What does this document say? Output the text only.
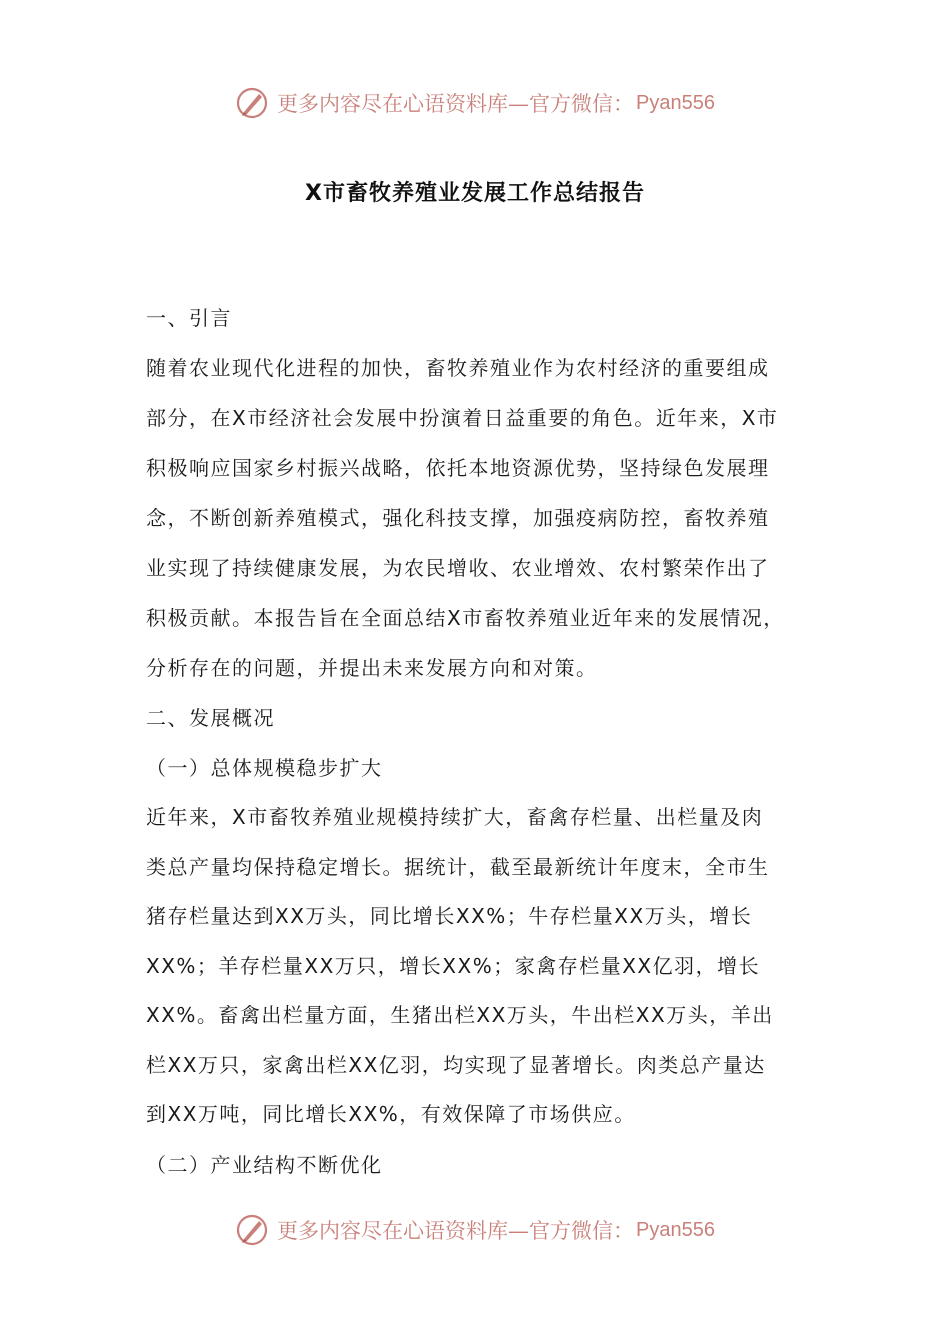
更多内容尽在心语资料库—官方微信： Pyan556
X市畜牧养殖业发展工作总结报告
一、引言
随着农业现代化进程的加快，畜牧养殖业作为农村经济的重要组成
部分，在X市经济社会发展中扮演着日益重要的角色。近年来，X市
积极响应国家乡村振兴战略，依托本地资源优势，坚持绿色发展理
念，不断创新养殖模式，强化科技支撑，加强疫病防控，畜牧养殖
业实现了持续健康发展，为农民增收、农业增效、农村繁荣作出了
积极贡献。本报告旨在全面总结X市畜牧养殖业近年来的发展情况，
分析存在的问题，并提出未来发展方向和对策。
二、发展概况
（一）总体规模稳步扩大
近年来，X市畜牧养殖业规模持续扩大，畜禽存栏量、出栏量及肉
类总产量均保持稳定增长。据统计，截至最新统计年度末，全市生
猪存栏量达到XX万头，同比增长XX%；牛存栏量XX万头，增长
XX%；羊存栏量XX万只，增长XX%；家禽存栏量XX亿羽，增长
XX%。畜禽出栏量方面，生猪出栏XX万头，牛出栏XX万头，羊出
栏XX万只，家禽出栏XX亿羽，均实现了显著增长。肉类总产量达
到XX万吨，同比增长XX%，有效保障了市场供应。
（二）产业结构不断优化
更多内容尽在心语资料库—官方微信： Pyan556
